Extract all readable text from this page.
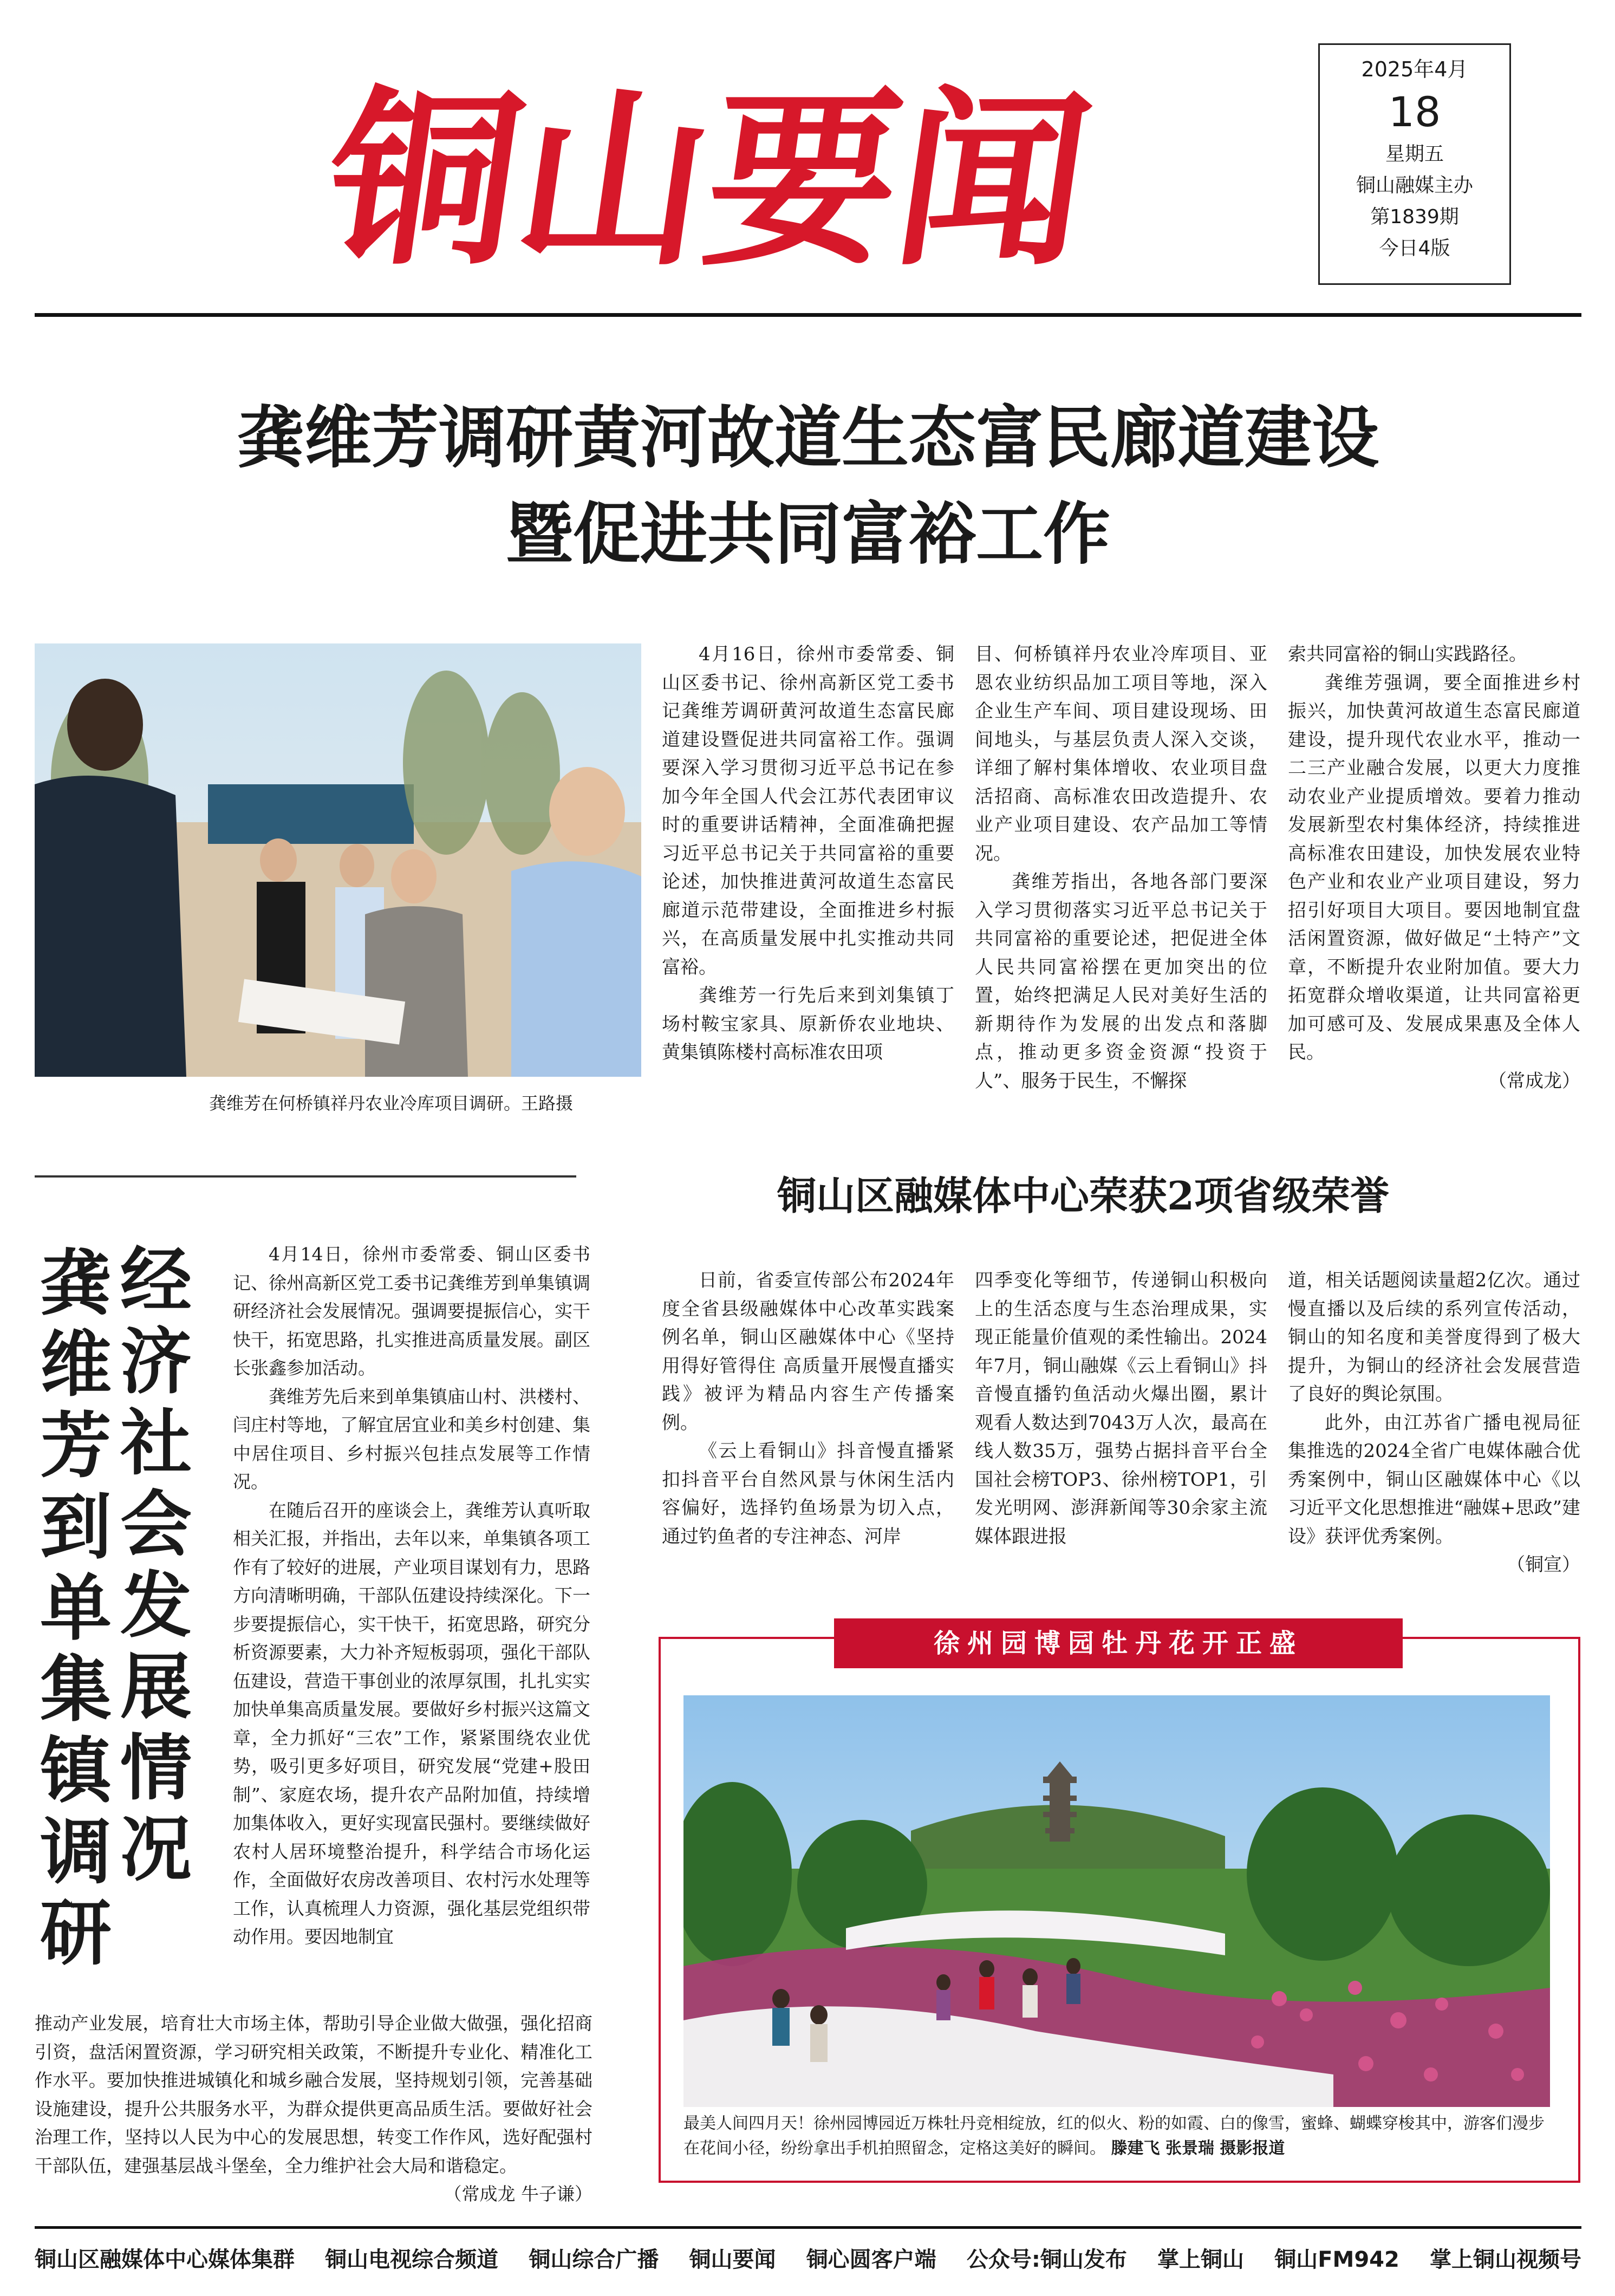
铜山要闻	2025年4月
18
星期五
铜山融媒主办
第1839期
今日4版
龚维芳调研黄河故道生态富民廊道建设
暨促进共同富裕工作
龚维芳在何桥镇祥丹农业冷库项目调研。王路摄

4月16日，徐州市委常委、铜山区委书记、徐州高新区党工委书记龚维芳调研黄河故道生态富民廊道建设暨促进共同富裕工作。强调要深入学习贯彻习近平总书记在参加今年全国人代会江苏代表团审议时的重要讲话精神，全面准确把握习近平总书记关于共同富裕的重要论述，加快推进黄河故道生态富民廊道示范带建设，全面推进乡村振兴，在高质量发展中扎实推动共同富裕。

龚维芳一行先后来到刘集镇丁场村鞍宝家具、原新侨农业地块、黄集镇陈楼村高标准农田项

目、何桥镇祥丹农业冷库项目、亚恩农业纺织品加工项目等地，深入企业生产车间、项目建设现场、田间地头，与基层负责人深入交谈，详细了解村集体增收、农业项目盘活招商、高标准农田改造提升、农业产业项目建设、农产品加工等情况。

龚维芳指出，各地各部门要深入学习贯彻落实习近平总书记关于共同富裕的重要论述，把促进全体人民共同富裕摆在更加突出的位置，始终把满足人民对美好生活的新期待作为发展的出发点和落脚点，推动更多资金资源“投资于人”、服务于民生，不懈探

索共同富裕的铜山实践路径。

龚维芳强调，要全面推进乡村振兴，加快黄河故道生态富民廊道建设，提升现代农业水平，推动一二三产业融合发展，以更大力度推动农业产业提质增效。要着力推动发展新型农村集体经济，持续推进高标准农田建设，加快发展农业特色产业和农业产业项目建设，努力招引好项目大项目。要因地制宜盘活闲置资源，做好做足“土特产”文章，不断提升农业附加值。要大力拓宽群众增收渠道，让共同富裕更加可感可及、发展成果惠及全体人民。

（常成龙）
龚维芳到单集镇调研
经济社会发展情况

4月14日，徐州市委常委、铜山区委书记、徐州高新区党工委书记龚维芳到单集镇调研经济社会发展情况。强调要提振信心，实干快干，拓宽思路，扎实推进高质量发展。副区长张鑫参加活动。

龚维芳先后来到单集镇庙山村、洪楼村、闫庄村等地，了解宜居宜业和美乡村创建、集中居住项目、乡村振兴包挂点发展等工作情况。

在随后召开的座谈会上，龚维芳认真听取相关汇报，并指出，去年以来，单集镇各项工作有了较好的进展，产业项目谋划有力，思路方向清晰明确，干部队伍建设持续深化。下一步要提振信心，实干快干，拓宽思路，研究分析资源要素，大力补齐短板弱项，强化干部队伍建设，营造干事创业的浓厚氛围，扎扎实实加快单集高质量发展。要做好乡村振兴这篇文章，全力抓好“三农”工作，紧紧围绕农业优势，吸引更多好项目，研究发展“党建+股田制”、家庭农场，提升农产品附加值，持续增加集体收入，更好实现富民强村。要继续做好农村人居环境整治提升，科学结合市场化运作，全面做好农房改善项目、农村污水处理等工作，认真梳理人力资源，强化基层党组织带动作用。要因地制宜

推动产业发展，培育壮大市场主体，帮助引导企业做大做强，强化招商引资，盘活闲置资源，学习研究相关政策，不断提升专业化、精准化工作水平。要加快推进城镇化和城乡融合发展，坚持规划引领，完善基础设施建设，提升公共服务水平，为群众提供更高品质生活。要做好社会治理工作，坚持以人民为中心的发展思想，转变工作作风，选好配强村干部队伍，建强基层战斗堡垒，全力维护社会大局和谐稳定。

（常成龙 牛子谦）
铜山区融媒体中心荣获2项省级荣誉

日前，省委宣传部公布2024年度全省县级融媒体中心改革实践案例名单，铜山区融媒体中心《坚持用得好管得住 高质量开展慢直播实践》被评为精品内容生产传播案例。

《云上看铜山》抖音慢直播紧扣抖音平台自然风景与休闲生活内容偏好，选择钓鱼场景为切入点，通过钓鱼者的专注神态、河岸

四季变化等细节，传递铜山积极向上的生活态度与生态治理成果，实现正能量价值观的柔性输出。2024年7月，铜山融媒《云上看铜山》抖音慢直播钓鱼活动火爆出圈，累计观看人数达到7043万人次，最高在线人数35万，强势占据抖音平台全国社会榜TOP3、徐州榜TOP1，引发光明网、澎湃新闻等30余家主流媒体跟进报

道，相关话题阅读量超2亿次。通过慢直播以及后续的系列宣传活动，铜山的知名度和美誉度得到了极大提升，为铜山的经济社会发展营造了良好的舆论氛围。

此外，由江苏省广播电视局征集推选的2024全省广电媒体融合优秀案例中，铜山区融媒体中心《以习近平文化思想推进“融媒+思政”建设》获评优秀案例。

（铜宣）
徐州园博园牡丹花开正盛
最美人间四月天！徐州园博园近万株牡丹竞相绽放，红的似火、粉的如霞、白的像雪，蜜蜂、蝴蝶穿梭其中，游客们漫步在花间小径，纷纷拿出手机拍照留念，定格这美好的瞬间。 滕建飞 张景瑞 摄影报道
铜山区融媒体中心媒体集群 铜山电视综合频道 铜山综合广播 铜山要闻 铜心圆客户端 公众号:铜山发布 掌上铜山 铜山FM942 掌上铜山视频号
